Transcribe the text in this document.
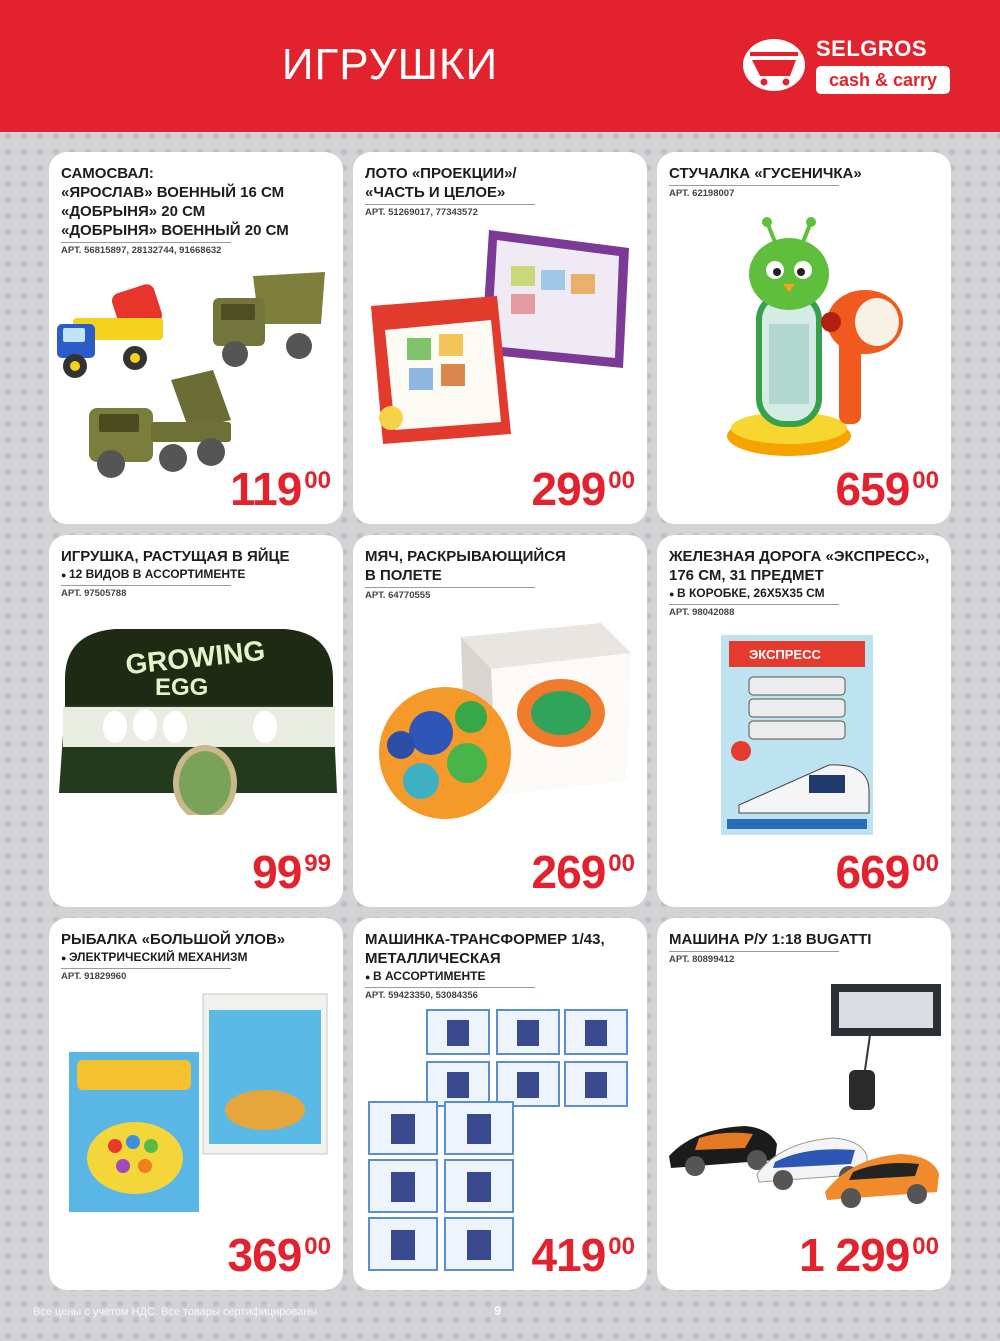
ИГРУШКИ	SELGROS
cash & carry
САМОСВАЛ:
«ЯРОСЛАВ» ВОЕННЫЙ 16 СМ
«ДОБРЫНЯ» 20 СМ
«ДОБРЫНЯ» ВОЕННЫЙ 20 СМ
АРТ. 56815897, 28132744, 91668632
119 00
ЛОТО «ПРОЕКЦИИ»/
«ЧАСТЬ И ЦЕЛОЕ»
АРТ. 51269017, 77343572
299 00
СТУЧАЛКА «ГУСЕНИЧКА»
АРТ. 62198007
659 00
ИГРУШКА, РАСТУЩАЯ В ЯЙЦЕ
● 12 ВИДОВ В АССОРТИМЕНТЕ
АРТ. 97505788
GROWING
EGG
99 99
МЯЧ, РАСКРЫВАЮЩИЙСЯ
В ПОЛЕТЕ
АРТ. 64770555
269 00
ЖЕЛЕЗНАЯ ДОРОГА «ЭКСПРЕСС»,
176 СМ, 31 ПРЕДМЕТ
● В КОРОБКЕ, 26Х5Х35 СМ
АРТ. 98042088
ЭКСПРЕСС
669 00
РЫБАЛКА «БОЛЬШОЙ УЛОВ»
● ЭЛЕКТРИЧЕСКИЙ МЕХАНИЗМ
АРТ. 91829960
369 00
МАШИНКА-ТРАНСФОРМЕР 1/43,
МЕТАЛЛИЧЕСКАЯ
● В АССОРТИМЕНТЕ
АРТ. 59423350, 53084356
419 00
МАШИНА Р/У 1:18 BUGATTI
АРТ. 80899412
1 299 00
Все цены с учетом НДС. Все товары сертифицированы	9
